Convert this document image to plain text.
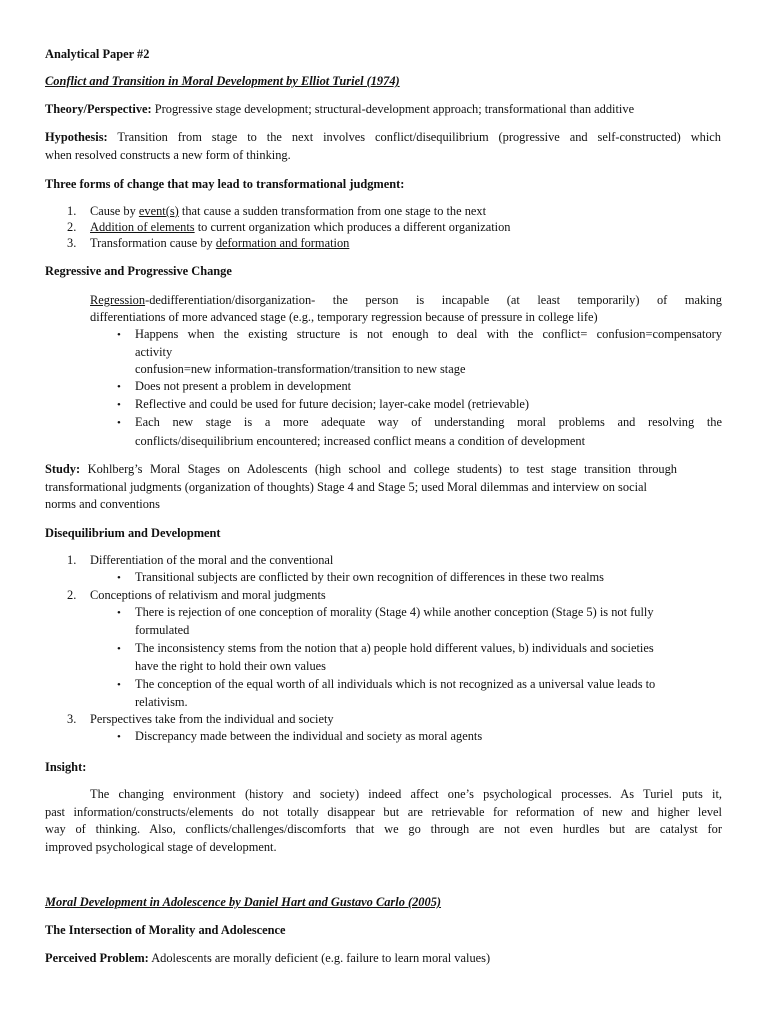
Analytical Paper #2
Conflict and Transition in Moral Development by Elliot Turiel (1974)
Theory/Perspective: Progressive stage development; structural-development approach; transformational than additive
Hypothesis: Transition from stage to the next involves conflict/disequilibrium (progressive and self-constructed) which
when resolved constructs a new form of thinking.
Three forms of change that may lead to transformational judgment:
1. Cause by event(s) that cause a sudden transformation from one stage to the next
2. Addition of elements to current organization which produces a different organization
3. Transformation cause by deformation and formation
Regressive and Progressive Change
Regression-dedifferentiation/disorganization- the person is incapable (at least temporarily) of making
differentiations of more advanced stage (e.g., temporary regression because of pressure in college life)
• Happens when the existing structure is not enough to deal with the conflict= confusion=compensatory
activity
confusion=new information-transformation/transition to new stage
• Does not present a problem in development
• Reflective and could be used for future decision; layer-cake model (retrievable)
• Each new stage is a more adequate way of understanding moral problems and resolving the
conflicts/disequilibrium encountered; increased conflict means a condition of development
Study: Kohlberg’s Moral Stages on Adolescents (high school and college students) to test stage transition through
transformational judgments (organization of thoughts) Stage 4 and Stage 5; used Moral dilemmas and interview on social
norms and conventions
Disequilibrium and Development
1. Differentiation of the moral and the conventional
• Transitional subjects are conflicted by their own recognition of differences in these two realms
2. Conceptions of relativism and moral judgments
• There is rejection of one conception of morality (Stage 4) while another conception (Stage 5) is not fully
formulated
• The inconsistency stems from the notion that a) people hold different values, b) individuals and societies
have the right to hold their own values
• The conception of the equal worth of all individuals which is not recognized as a universal value leads to
relativism.
3. Perspectives take from the individual and society
• Discrepancy made between the individual and society as moral agents
Insight:
The changing environment (history and society) indeed affect one’s psychological processes. As Turiel puts it,
past information/constructs/elements do not totally disappear but are retrievable for reformation of new and higher level
way of thinking. Also, conflicts/challenges/discomforts that we go through are not even hurdles but are catalyst for
improved psychological stage of development.
Moral Development in Adolescence by Daniel Hart and Gustavo Carlo (2005)
The Intersection of Morality and Adolescence
Perceived Problem: Adolescents are morally deficient (e.g. failure to learn moral values)
